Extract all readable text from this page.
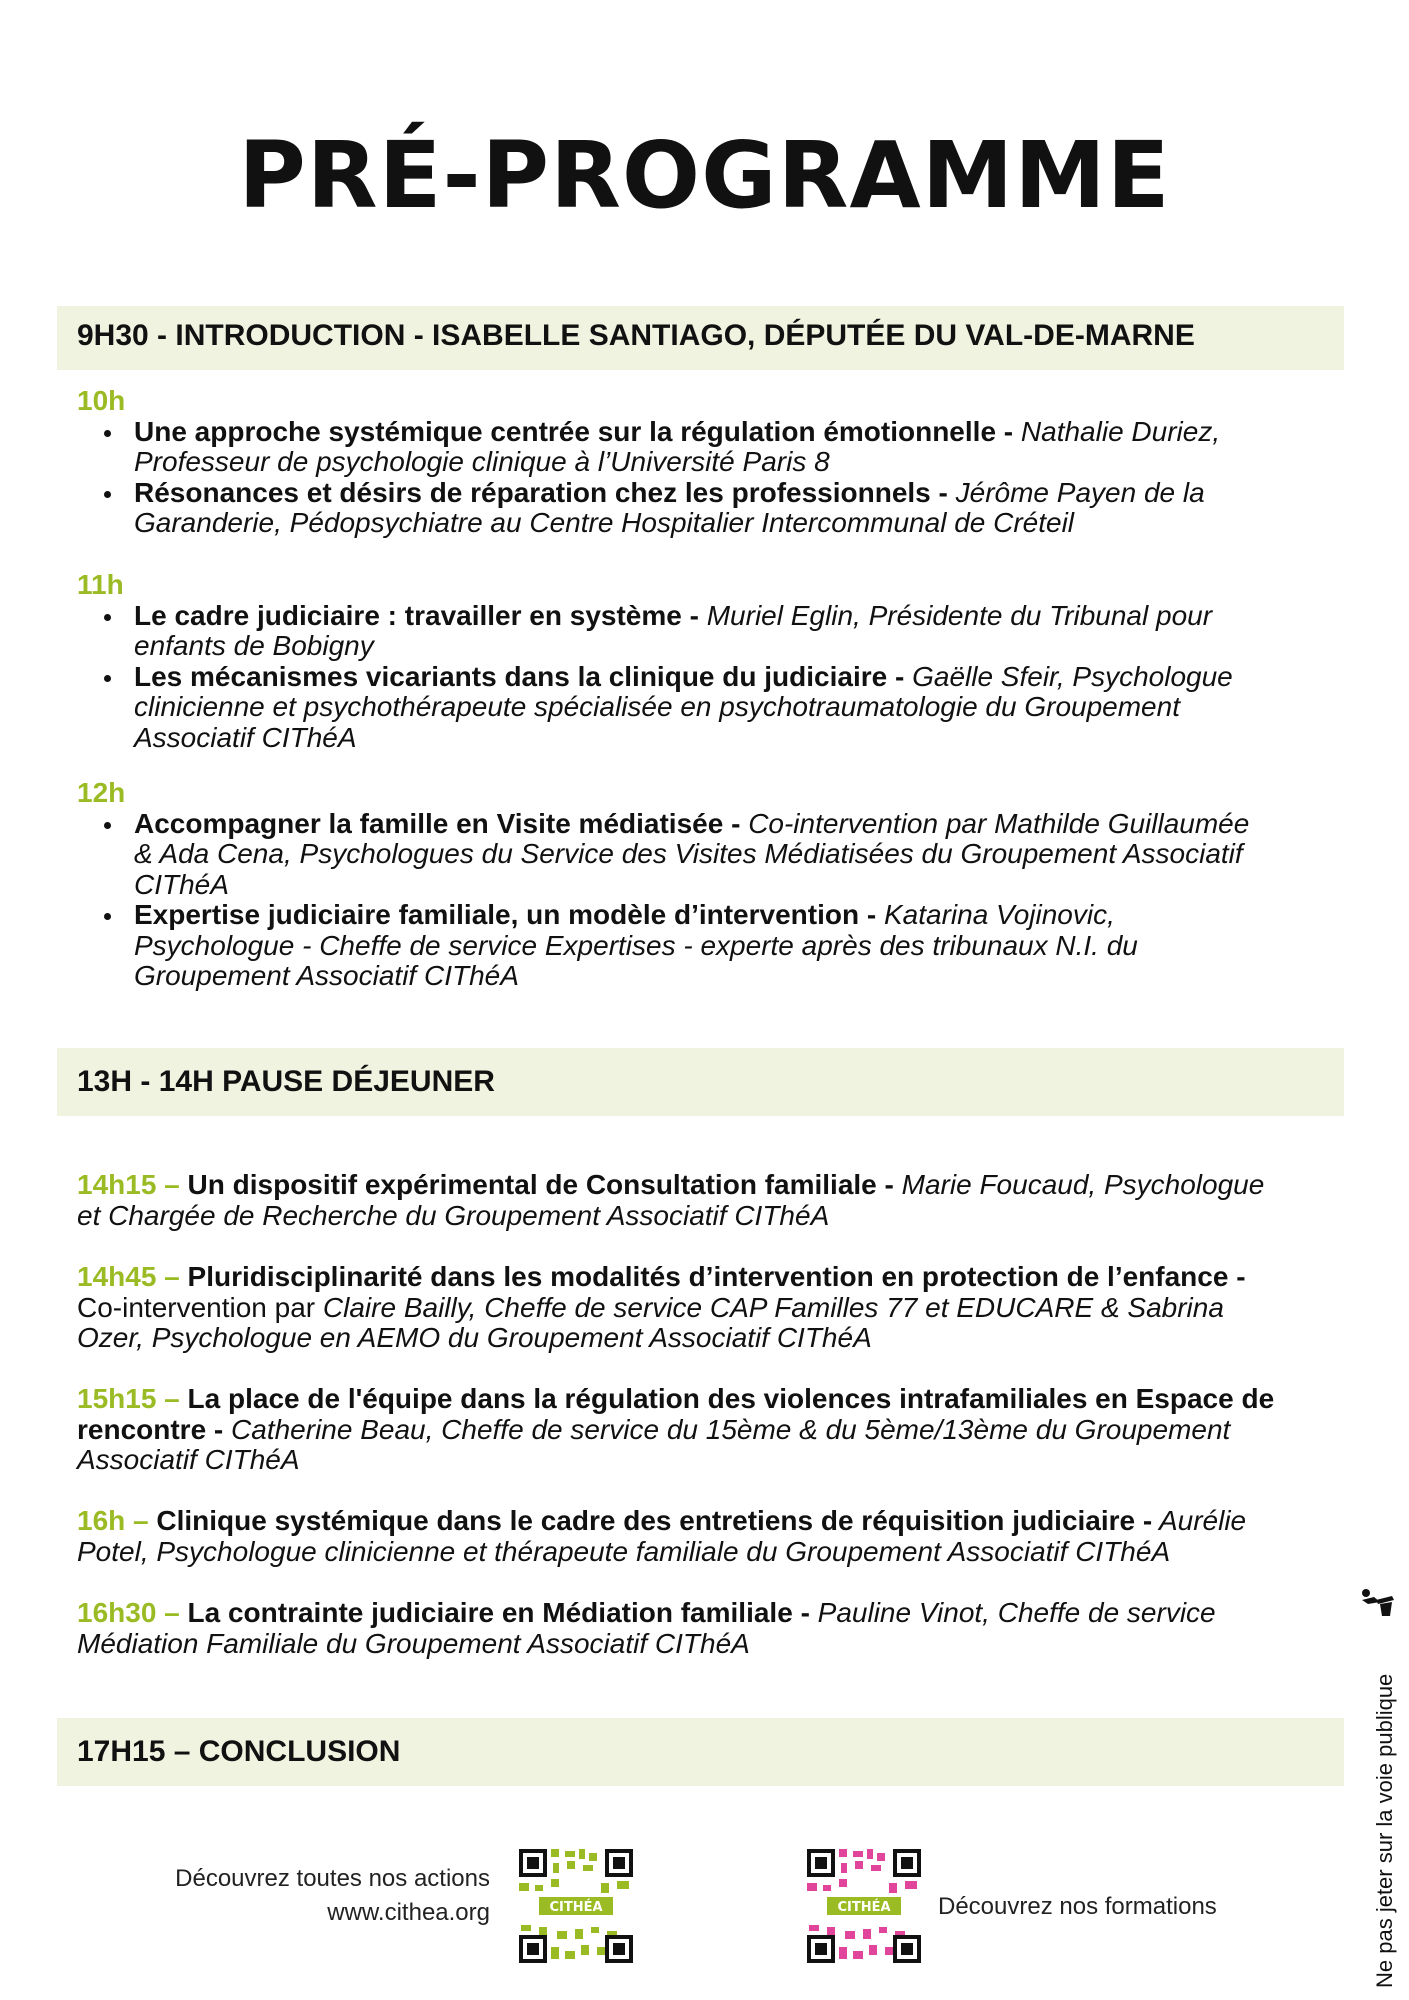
PRÉ-PROGRAMME
9H30 - INTRODUCTION - ISABELLE SANTIAGO, DÉPUTÉE DU VAL-DE-MARNE
10h
Une approche systémique centrée sur la régulation émotionnelle - Nathalie Duriez,
Professeur de psychologie clinique à l’Université Paris 8
Résonances et désirs de réparation chez les professionnels - Jérôme Payen de la
Garanderie, Pédopsychiatre au Centre Hospitalier Intercommunal de Créteil
11h
Le cadre judiciaire : travailler en système - Muriel Eglin, Présidente du Tribunal pour
enfants de Bobigny
Les mécanismes vicariants dans la clinique du judiciaire - Gaëlle Sfeir, Psychologue
clinicienne et psychothérapeute spécialisée en psychotraumatologie du Groupement
Associatif CIThéA
12h
Accompagner la famille en Visite médiatisée - Co-intervention par Mathilde Guillaumée
& Ada Cena, Psychologues du Service des Visites Médiatisées du Groupement Associatif
CIThéA
Expertise judiciaire familiale, un modèle d’intervention - Katarina Vojinovic,
Psychologue - Cheffe de service Expertises - experte après des tribunaux N.I. du
Groupement Associatif CIThéA
13H - 14H PAUSE DÉJEUNER
14h15 – Un dispositif expérimental de Consultation familiale - Marie Foucaud, Psychologue
et Chargée de Recherche du Groupement Associatif CIThéA
14h45 – Pluridisciplinarité dans les modalités d’intervention en protection de l’enfance -
Co-intervention par Claire Bailly, Cheffe de service CAP Familles 77 et EDUCARE & Sabrina
Ozer, Psychologue en AEMO du Groupement Associatif CIThéA
15h15 – La place de l'équipe dans la régulation des violences intrafamiliales en Espace de
rencontre - Catherine Beau, Cheffe de service du 15ème & du 5ème/13ème du Groupement
Associatif CIThéA
16h – Clinique systémique dans le cadre des entretiens de réquisition judiciaire - Aurélie
Potel, Psychologue clinicienne et thérapeute familiale du Groupement Associatif CIThéA
16h30 – La contrainte judiciaire en Médiation familiale - Pauline Vinot, Cheffe de service
Médiation Familiale du Groupement Associatif CIThéA
17H15 – CONCLUSION
Découvrez toutes nos actions
www.cithea.org	CITHÉA	CITHÉA Découvrez nos formations	Ne pas jeter sur la voie publique
